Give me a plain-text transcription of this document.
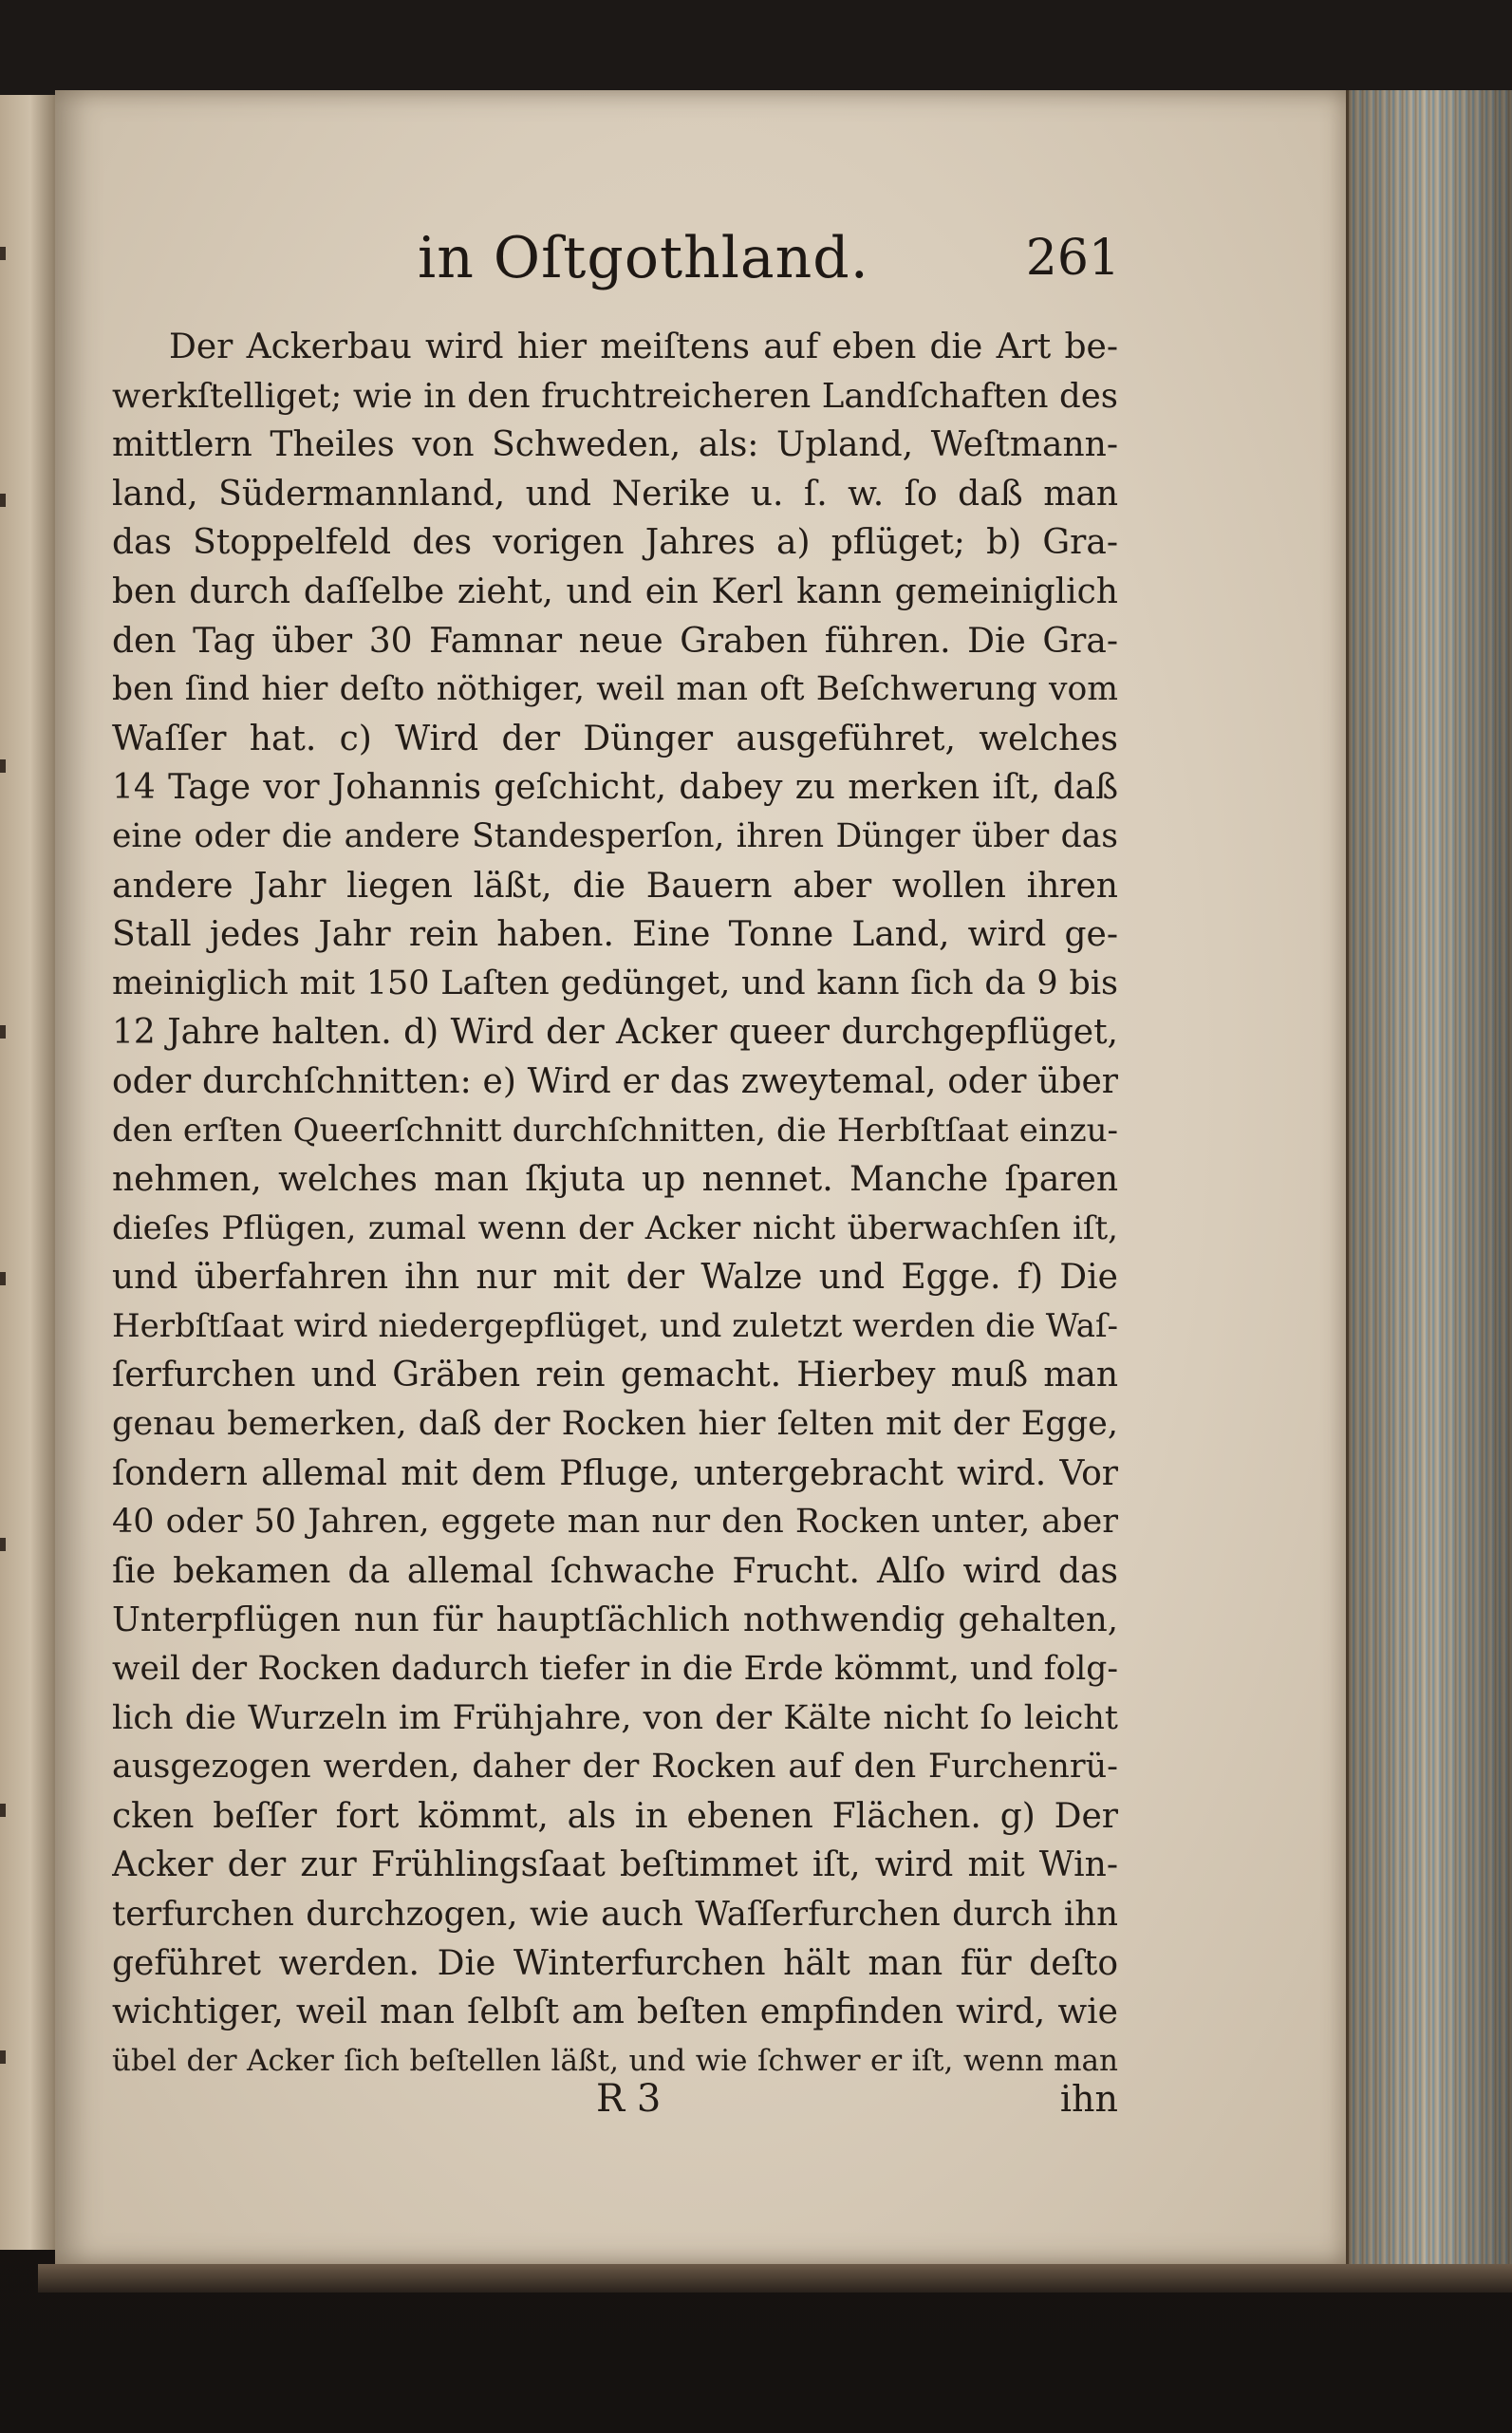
in Oſtgothland.	261
Der Ackerbau wird hier meiſtens auf eben die Art be-
werkſtelliget; wie in den fruchtreicheren Landſchaften des
mittlern Theiles von Schweden, als: Upland, Weſtmann-
land, Südermannland, und Nerike u. ſ. w. ſo daß man
das Stoppelfeld des vorigen Jahres a) pflüget; b) Gra-
ben durch daſſelbe zieht, und ein Kerl kann gemeiniglich
den Tag über 30 Famnar neue Graben führen. Die Gra-
ben ſind hier deſto nöthiger, weil man oft Beſchwerung vom
Waſſer hat. c) Wird der Dünger ausgeführet, welches
14 Tage vor Johannis geſchicht, dabey zu merken iſt, daß
eine oder die andere Standesperſon, ihren Dünger über das
andere Jahr liegen läßt, die Bauern aber wollen ihren
Stall jedes Jahr rein haben. Eine Tonne Land, wird ge-
meiniglich mit 150 Laſten gedünget, und kann ſich da 9 bis
12 Jahre halten. d) Wird der Acker queer durchgepflüget,
oder durchſchnitten: e) Wird er das zweytemal, oder über
den erſten Queerſchnitt durchſchnitten, die Herbſtſaat einzu-
nehmen, welches man ſkjuta up nennet. Manche ſparen
dieſes Pflügen, zumal wenn der Acker nicht überwachſen iſt,
und überfahren ihn nur mit der Walze und Egge. f) Die
Herbſtſaat wird niedergepflüget, und zuletzt werden die Waſ-
ſerfurchen und Gräben rein gemacht. Hierbey muß man
genau bemerken, daß der Rocken hier ſelten mit der Egge,
ſondern allemal mit dem Pfluge, untergebracht wird. Vor
40 oder 50 Jahren, eggete man nur den Rocken unter, aber
ſie bekamen da allemal ſchwache Frucht. Alſo wird das
Unterpflügen nun für hauptſächlich nothwendig gehalten,
weil der Rocken dadurch tiefer in die Erde kömmt, und folg-
lich die Wurzeln im Frühjahre, von der Kälte nicht ſo leicht
ausgezogen werden, daher der Rocken auf den Furchenrü-
cken beſſer fort kömmt, als in ebenen Flächen. g) Der
Acker der zur Frühlingsſaat beſtimmet iſt, wird mit Win-
terfurchen durchzogen, wie auch Waſſerfurchen durch ihn
geführet werden. Die Winterfurchen hält man für deſto
wichtiger, weil man ſelbſt am beſten empfinden wird, wie
übel der Acker ſich beſtellen läßt, und wie ſchwer er iſt, wenn man
R 3	ihn
